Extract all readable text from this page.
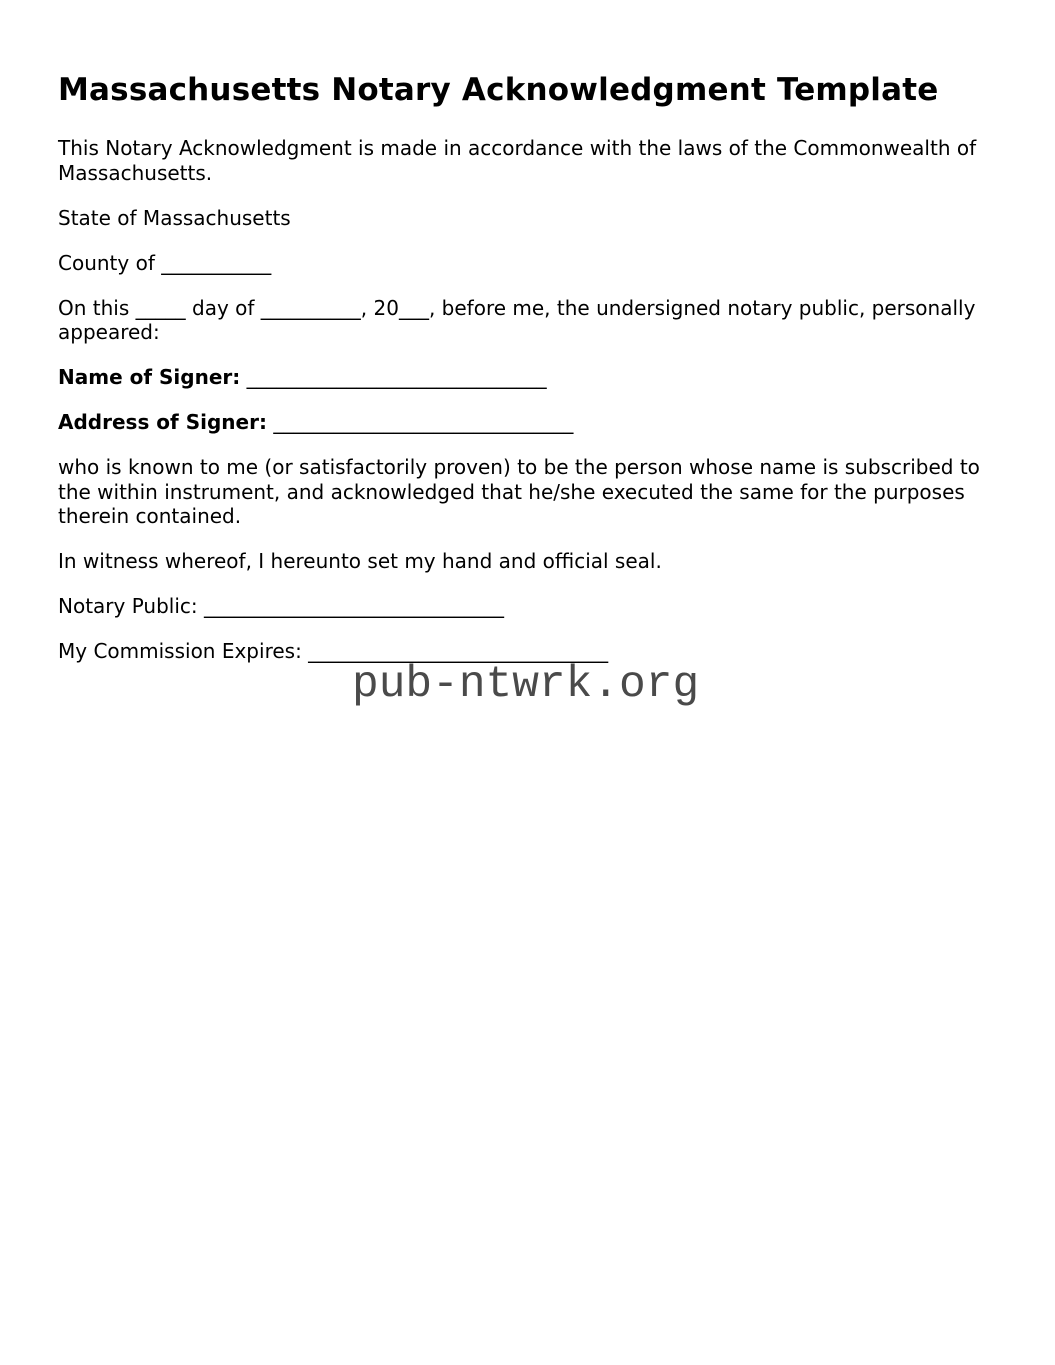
Massachusetts Notary Acknowledgment Template

This Notary Acknowledgment is made in accordance with the laws of the Commonwealth of Massachusetts.

State of Massachusetts

County of ___________

On this _____ day of __________, 20___, before me, the undersigned notary public, personally appeared:

Name of Signer: ______________________________

Address of Signer: ______________________________

who is known to me (or satisfactorily proven) to be the person whose name is subscribed to the within instrument, and acknowledged that he/she executed the same for the purposes therein contained.

In witness whereof, I hereunto set my hand and official seal.

Notary Public: ______________________________

My Commission Expires: ______________________________

pub-ntwrk.org
